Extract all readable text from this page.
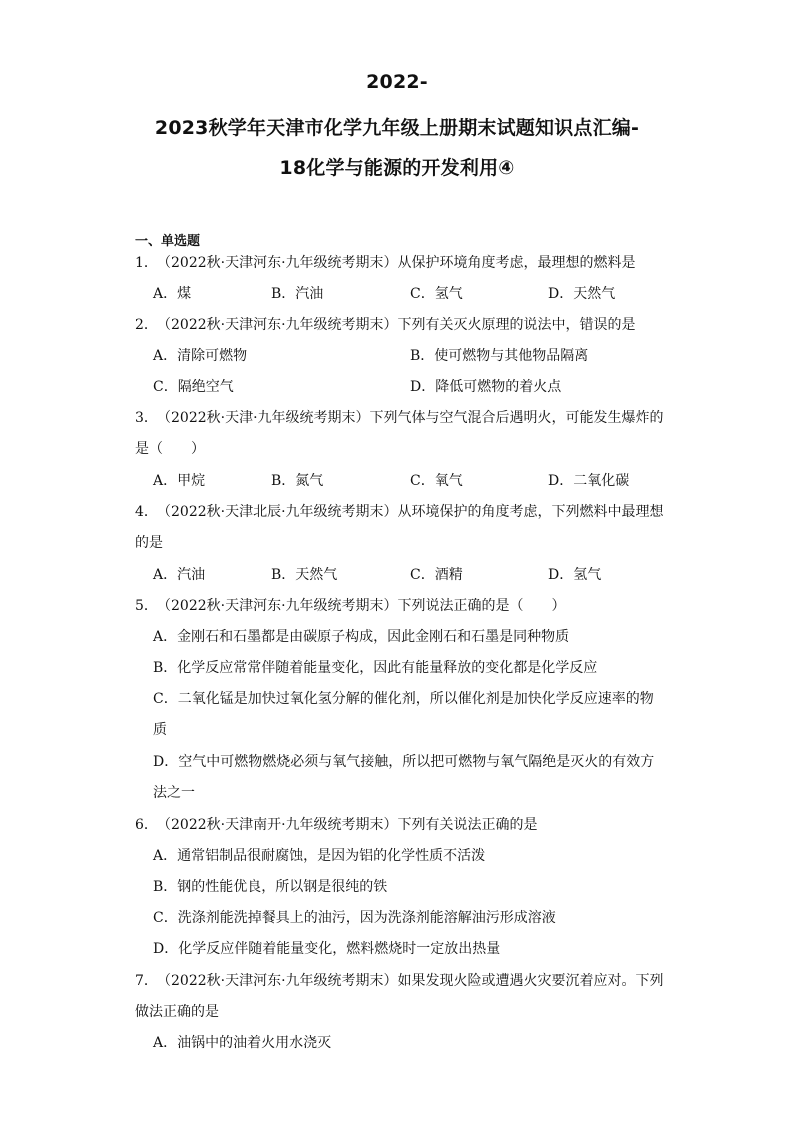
2022-
2023秋学年天津市化学九年级上册期末试题知识点汇编-
18化学与能源的开发利用④
一、单选题
1．（2022秋·天津河东·九年级统考期末）从保护环境角度考虑，最理想的燃料是
A．煤	B．汽油	C．氢气	D．天然气
2．（2022秋·天津河东·九年级统考期末）下列有关灭火原理的说法中，错误的是
A．清除可燃物	B．使可燃物与其他物品隔离
C．隔绝空气	D．降低可燃物的着火点
3．（2022秋·天津·九年级统考期末）下列气体与空气混合后遇明火，可能发生爆炸的
是（　　）
A．甲烷	B．氮气	C．氧气	D．二氧化碳
4．（2022秋·天津北辰·九年级统考期末）从环境保护的角度考虑，下列燃料中最理想
的是
A．汽油	B．天然气	C．酒精	D．氢气
5．（2022秋·天津河东·九年级统考期末）下列说法正确的是（　　）
A．金刚石和石墨都是由碳原子构成，因此金刚石和石墨是同种物质
B．化学反应常常伴随着能量变化，因此有能量释放的变化都是化学反应
C．二氧化锰是加快过氧化氢分解的催化剂，所以催化剂是加快化学反应速率的物
质
D．空气中可燃物燃烧必须与氧气接触，所以把可燃物与氧气隔绝是灭火的有效方
法之一
6．（2022秋·天津南开·九年级统考期末）下列有关说法正确的是
A．通常铝制品很耐腐蚀，是因为铝的化学性质不活泼
B．钢的性能优良，所以钢是很纯的铁
C．洗涤剂能洗掉餐具上的油污，因为洗涤剂能溶解油污形成溶液
D．化学反应伴随着能量变化，燃料燃烧时一定放出热量
7．（2022秋·天津河东·九年级统考期末）如果发现火险或遭遇火灾要沉着应对。下列
做法正确的是
A．油锅中的油着火用水浇灭
